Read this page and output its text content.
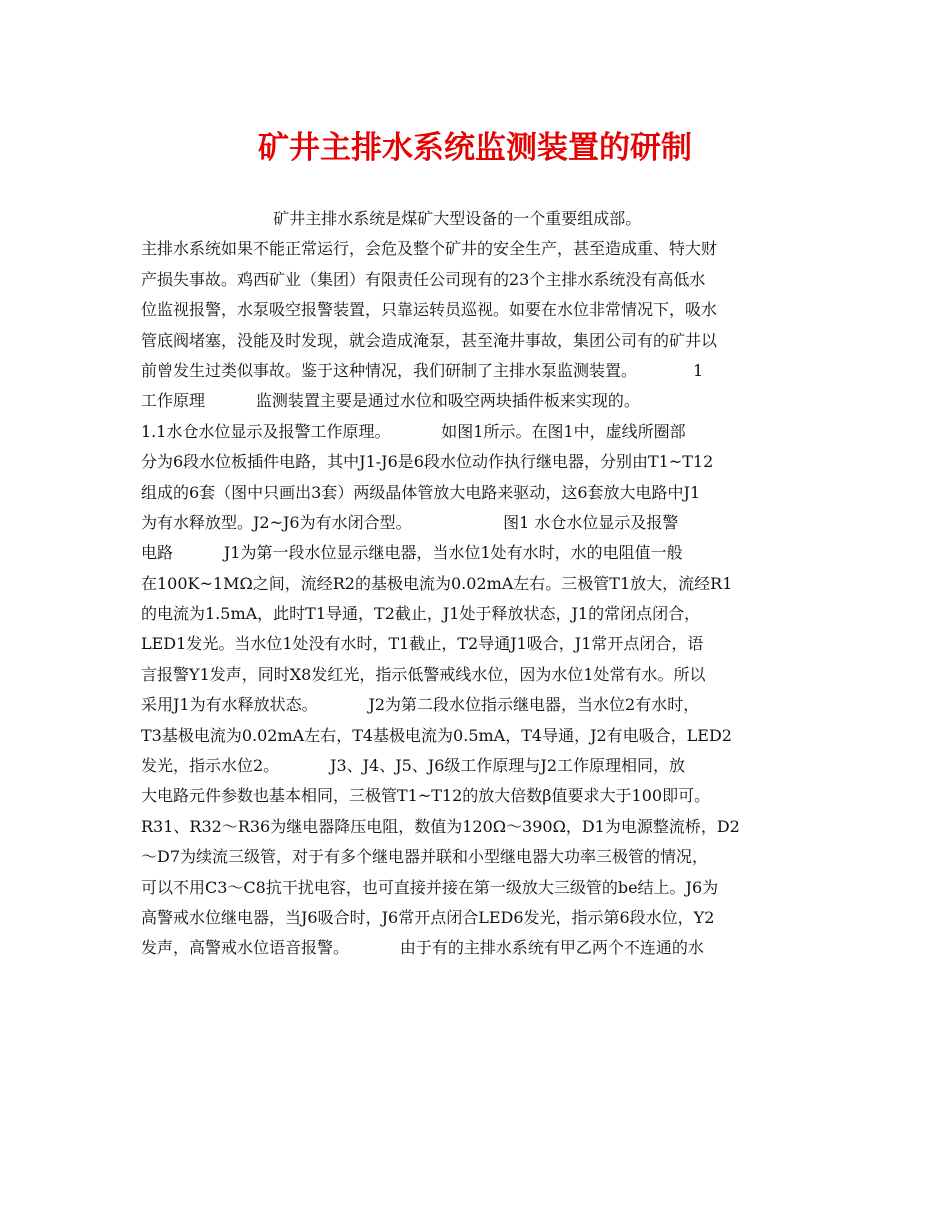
矿井主排水系统监测装置的研制
矿井主排水系统是煤矿大型设备的一个重要组成部。
主排水系统如果不能正常运行，会危及整个矿井的安全生产，甚至造成重、特大财
产损失事故。鸡西矿业（集团）有限责任公司现有的23个主排水系统没有高低水
位监视报警，水泵吸空报警装置，只靠运转员巡视。如要在水位非常情况下，吸水
管底阀堵塞，没能及时发现，就会造成淹泵，甚至淹井事故，集团公司有的矿井以
前曾发生过类似事故。鉴于这种情况，我们研制了主排水泵监测装置。           1
工作原理          监测装置主要是通过水位和吸空两块插件板来实现的。
1.1水仓水位显示及报警工作原理。          如图1所示。在图1中，虚线所圈部
分为6段水位板插件电路，其中J1-J6是6段水位动作执行继电器，分别由T1~T12
组成的6套（图中只画出3套）两级晶体管放大电路来驱动，这6套放大电路中J1
为有水释放型。J2~J6为有水闭合型。                  图1 水仓水位显示及报警
电路          J1为第一段水位显示继电器，当水位1处有水时，水的电阻值一般
在100K~1MΩ之间，流经R2的基极电流为0.02mA左右。三极管T1放大，流经R1
的电流为1.5mA，此时T1导通，T2截止，J1处于释放状态，J1的常闭点闭合，
LED1发光。当水位1处没有水时，T1截止，T2导通J1吸合，J1常开点闭合，语
言报警Y1发声，同时X8发红光，指示低警戒线水位，因为水位1处常有水。所以
采用J1为有水释放状态。          J2为第二段水位指示继电器，当水位2有水时，
T3基极电流为0.02mA左右，T4基极电流为0.5mA，T4导通，J2有电吸合，LED2
发光，指示水位2。          J3、J4、J5、J6级工作原理与J2工作原理相同，放
大电路元件参数也基本相同，三极管T1~T12的放大倍数β值要求大于100即可。
R31、R32～R36为继电器降压电阻，数值为120Ω～390Ω，D1为电源整流桥，D2
～D7为续流三级管，对于有多个继电器并联和小型继电器大功率三极管的情况，
可以不用C3～C8抗干扰电容，也可直接并接在第一级放大三级管的be结上。J6为
高警戒水位继电器，当J6吸合时，J6常开点闭合LED6发光，指示第6段水位，Y2
发声，高警戒水位语音报警。          由于有的主排水系统有甲乙两个不连通的水
